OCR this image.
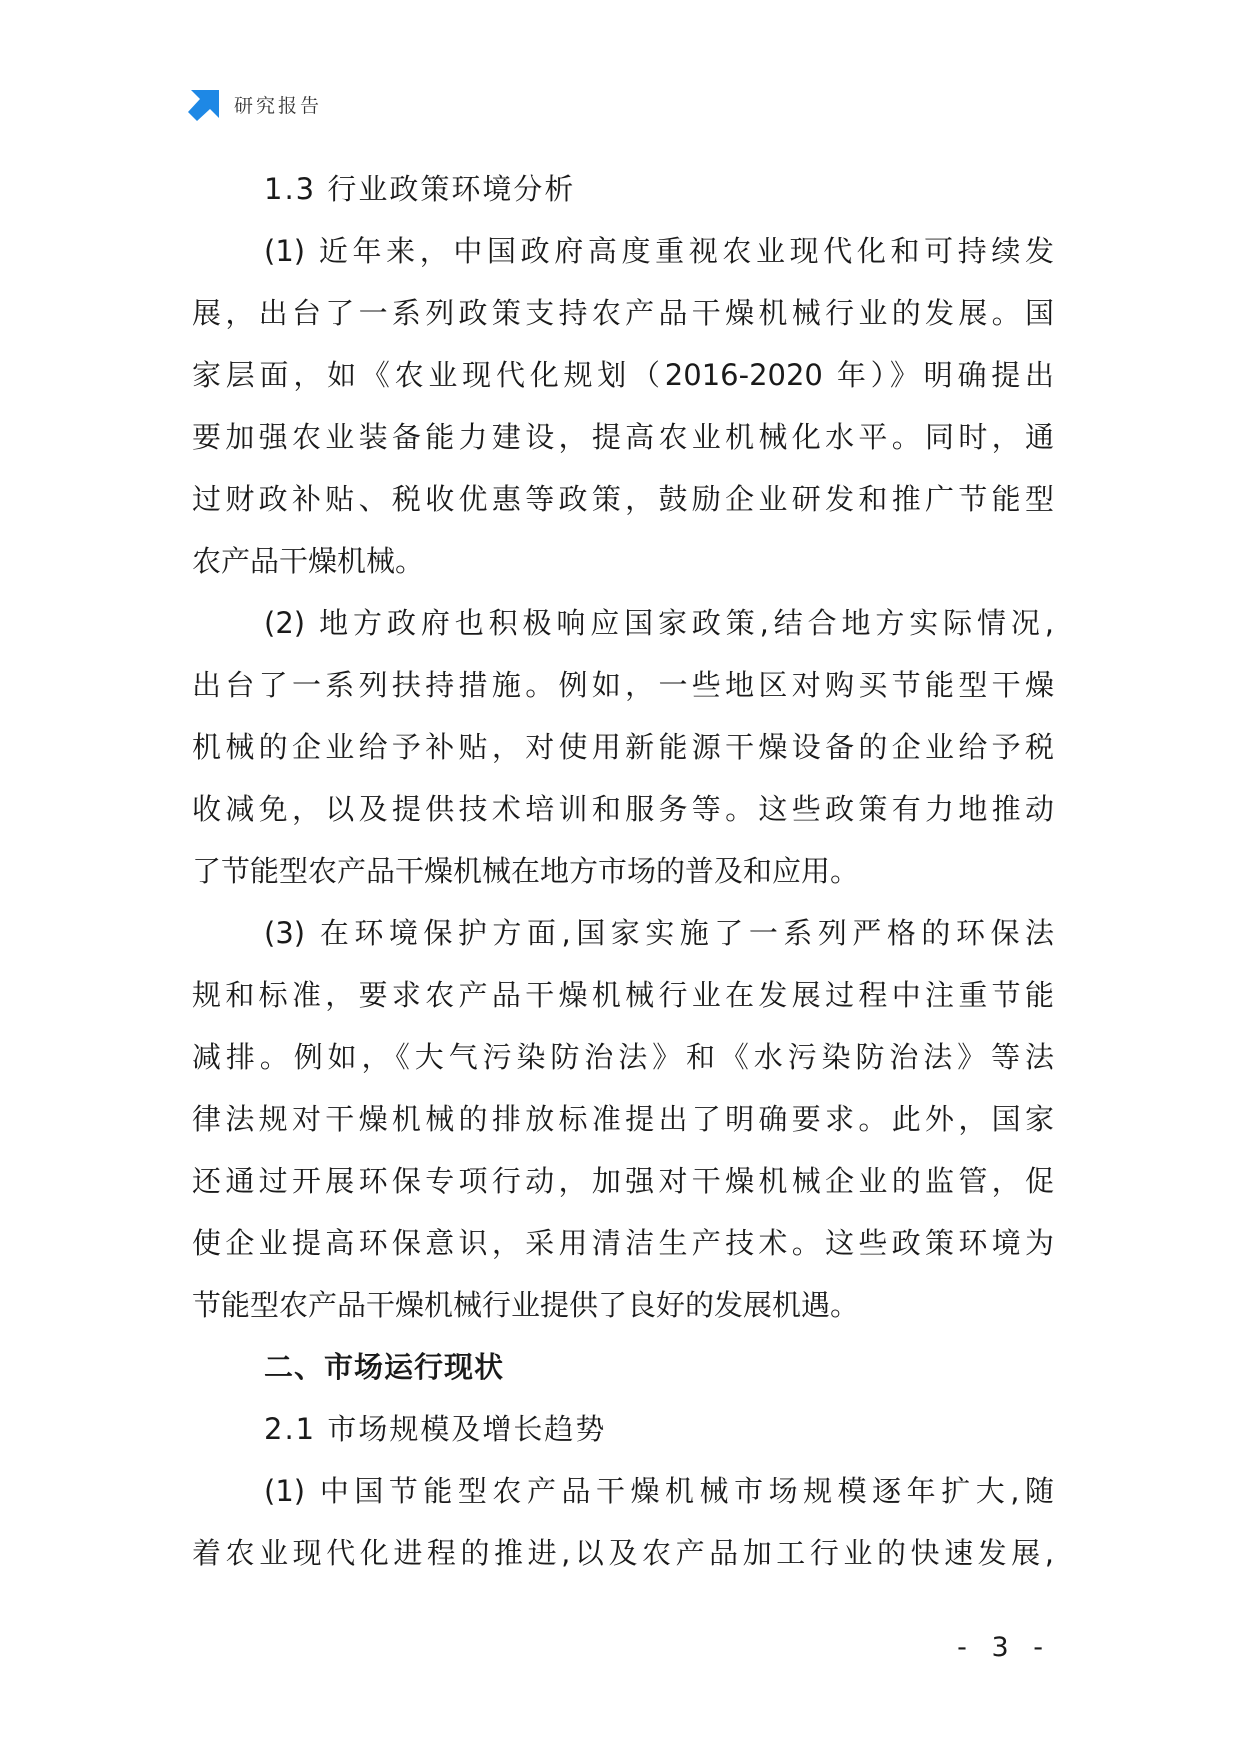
研究报告
1.3 行业政策环境分析
(1) 近年来，中国政府高度重视农业现代化和可持续发
展，出台了一系列政策支持农产品干燥机械行业的发展。国
家层面，如《农业现代化规划（2016-2020 年）》明确提出
要加强农业装备能力建设，提高农业机械化水平。同时，通
过财政补贴、税收优惠等政策，鼓励企业研发和推广节能型
农产品干燥机械。
(2) 地方政府也积极响应国家政策,结合地方实际情况,
出台了一系列扶持措施。例如，一些地区对购买节能型干燥
机械的企业给予补贴，对使用新能源干燥设备的企业给予税
收减免，以及提供技术培训和服务等。这些政策有力地推动
了节能型农产品干燥机械在地方市场的普及和应用。
(3) 在环境保护方面,国家实施了一系列严格的环保法
规和标准，要求农产品干燥机械行业在发展过程中注重节能
减排。例如，《大气污染防治法》和《水污染防治法》等法
律法规对干燥机械的排放标准提出了明确要求。此外，国家
还通过开展环保专项行动，加强对干燥机械企业的监管，促
使企业提高环保意识，采用清洁生产技术。这些政策环境为
节能型农产品干燥机械行业提供了良好的发展机遇。
二、市场运行现状
2.1 市场规模及增长趋势
(1) 中国节能型农产品干燥机械市场规模逐年扩大,随
着农业现代化进程的推进,以及农产品加工行业的快速发展,
- 3 -
